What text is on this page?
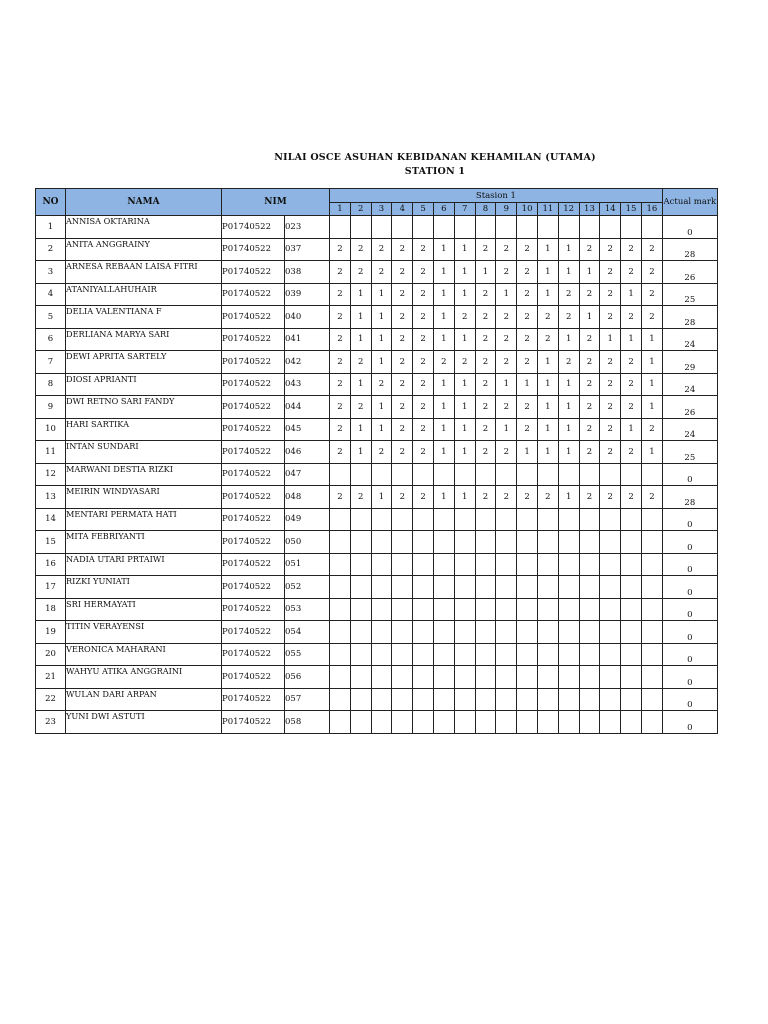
NILAI OSCE ASUHAN KEBIDANAN KEHAMILAN (UTAMA)
STATION 1
NO	NAMA	NIM		Stasion 1																Actual mark
				1	2	3	4	5	6	7	8	9	10	11	12	13	14	15	16	
1	ANNISA OKTARINA	P01740522	023																	0
2	ANITA ANGGRAINY	P01740522	037	2	2	2	2	2	1	1	2	2	2	1	1	2	2	2	2	28
3	ARNESA REBAAN LAISA FITRI	P01740522	038	2	2	2	2	2	1	1	1	2	2	1	1	1	2	2	2	26
4	ATANIYALLAHUHAIR	P01740522	039	2	1	1	2	2	1	1	2	1	2	1	2	2	2	1	2	25
5	DELIA VALENTIANA F	P01740522	040	2	1	1	2	2	1	2	2	2	2	2	2	1	2	2	2	28
6	DERLIANA MARYA SARI	P01740522	041	2	1	1	2	2	1	1	2	2	2	2	1	2	1	1	1	24
7	DEWI APRITA SARTELY	P01740522	042	2	2	1	2	2	2	2	2	2	2	1	2	2	2	2	1	29
8	DIOSI APRIANTI	P01740522	043	2	1	2	2	2	1	1	2	1	1	1	1	2	2	2	1	24
9	DWI RETNO SARI FANDY	P01740522	044	2	2	1	2	2	1	1	2	2	2	1	1	2	2	2	1	26
10	HARI SARTIKA	P01740522	045	2	1	1	2	2	1	1	2	1	2	1	1	2	2	1	2	24
11	INTAN SUNDARI	P01740522	046	2	1	2	2	2	1	1	2	2	1	1	1	2	2	2	1	25
12	MARWANI DESTIA RIZKI	P01740522	047																	0
13	MEIRIN WINDYASARI	P01740522	048	2	2	1	2	2	1	1	2	2	2	2	1	2	2	2	2	28
14	MENTARI PERMATA HATI	P01740522	049																	0
15	MITA FEBRIYANTI	P01740522	050																	0
16	NADIA UTARI PRTAIWI	P01740522	051																	0
17	RIZKI YUNIATI	P01740522	052																	0
18	SRI HERMAYATI	P01740522	053																	0
19	TITIN VERAYENSI	P01740522	054																	0
20	VERONICA MAHARANI	P01740522	055																	0
21	WAHYU ATIKA ANGGRAINI	P01740522	056																	0
22	WULAN DARI ARPAN	P01740522	057																	0
23	YUNI DWI ASTUTI	P01740522	058																	0
